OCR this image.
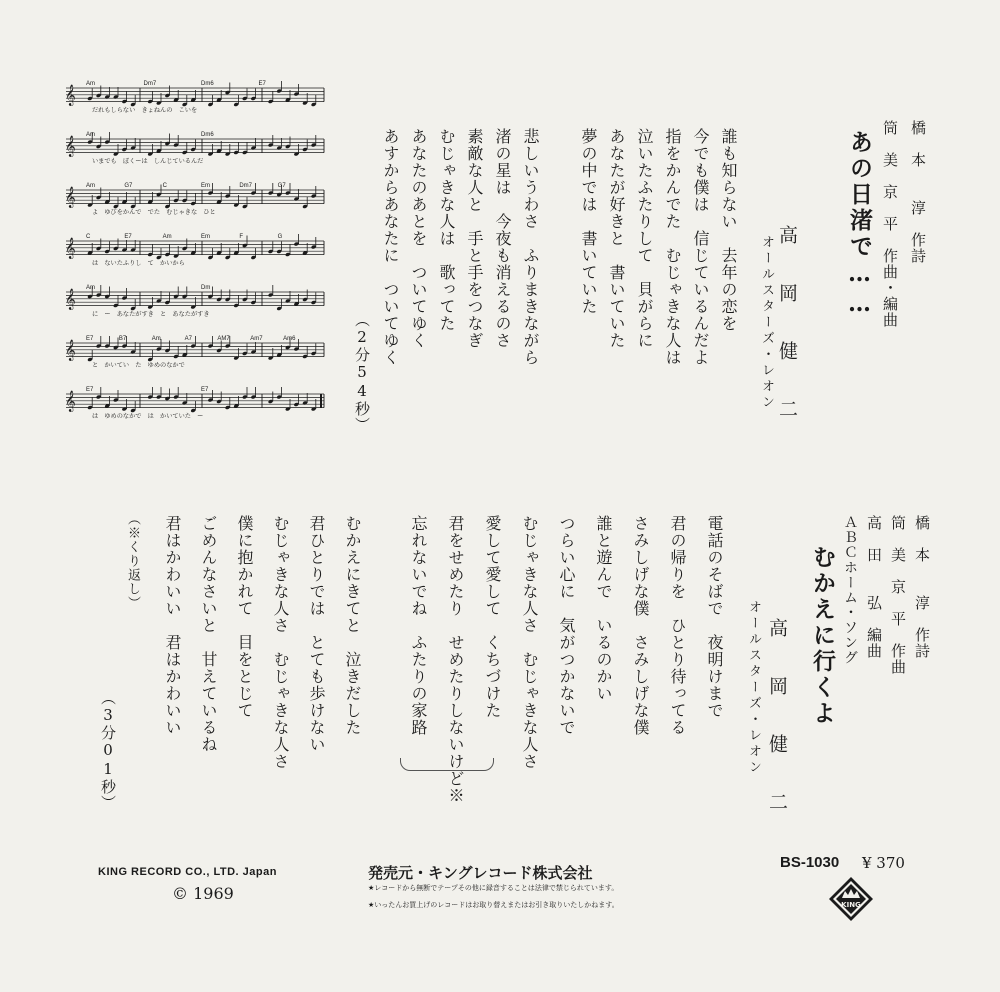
あの日渚で…… 橋　本　　淳　作詩
筒　美　京　平　作曲・編曲
高　岡　健　二
オールスターズ・レオン
誰も知らない　去年の恋を
今でも僕は　信じているんだよ
指をかんでた　むじゃきな人は
泣いたふたりして　貝がらに
あなたが好きと　書いていた
夢の中では　書いていた
悲しいうわさ　ふりまきながら
渚の星は　今夜も消えるのさ
素敵な人と　手と手をつなぎ
むじゃきな人は　歌ってた
あなたのあとを　ついてゆく
あすからあなたに　ついてゆく
（2分54秒）
𝄞
Am	Dm7	Dm6	E7
だれもしらない　きょねんの　こいを
𝄞
Am	Dm6
いまでも　ぼくーは　しんじているんだ
𝄞
Am	G7	C	Em	Dm7	G7
よ　ゆびをかんで　でた　むじゃきな　ひと
𝄞
C	E7	Am	Em	F	G
は　ないたふりし　て　かいから
𝄞
Am	Dm
に　ー　あなたがすき　と　あなたがすき
𝄞
E7	B7	Am	A7	AM7	Am7	Am6
と　かいてい　た　ゆめのなかで
𝄞
E7	E7
は　ゆめのなかで　は　かいていた　ー
むかえに行くよ	橋　本　　淳　作詩
筒　美　京　平　作曲
高　田　　弘　編曲
ＡＢＣホーム・ソング
高　岡　健　二
オールスターズ・レオン
電話のそばで　夜明けまで
君の帰りを　ひとり待ってる
さみしげな僕　さみしげな僕
誰と遊んで　いるのかい
つらい心に　気がつかないで
むじゃきな人さ　むじゃきな人さ
愛して愛して　くちづけた
君をせめたり　せめたりしないけど※
忘れないでね　ふたりの家路
むかえにきてと　泣きだした
君ひとりでは　とても歩けない
むじゃきな人さ　むじゃきな人さ
僕に抱かれて　目をとじて
ごめんなさいと　甘えているね
君はかわいい　君はかわいい
（※くり返し）
（3分01秒）
KING RECORD CO., LTD. Japan
© 1969
発売元・キングレコード株式会社
★レコードから無断でテープその他に録音することは法律で禁じられています。
★いったんお買上げのレコードはお取り替えまたはお引き取りいたしかねます。
BS-1030 ¥ 370
KING
